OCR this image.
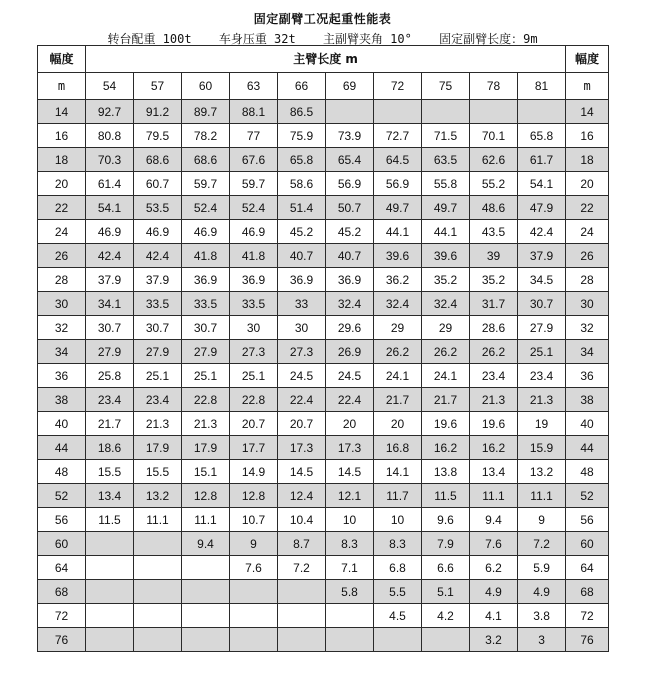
固定副臂工况起重性能表
转台配重 100t 车身压重 32t 主副臂夹角 10° 固定副臂长度：9m
幅度	主臂长度 m										幅度
m	54	57	60	63	66	69	72	75	78	81	m
14	92.7	91.2	89.7	88.1	86.5						14
16	80.8	79.5	78.2	77	75.9	73.9	72.7	71.5	70.1	65.8	16
18	70.3	68.6	68.6	67.6	65.8	65.4	64.5	63.5	62.6	61.7	18
20	61.4	60.7	59.7	59.7	58.6	56.9	56.9	55.8	55.2	54.1	20
22	54.1	53.5	52.4	52.4	51.4	50.7	49.7	49.7	48.6	47.9	22
24	46.9	46.9	46.9	46.9	45.2	45.2	44.1	44.1	43.5	42.4	24
26	42.4	42.4	41.8	41.8	40.7	40.7	39.6	39.6	39	37.9	26
28	37.9	37.9	36.9	36.9	36.9	36.9	36.2	35.2	35.2	34.5	28
30	34.1	33.5	33.5	33.5	33	32.4	32.4	32.4	31.7	30.7	30
32	30.7	30.7	30.7	30	30	29.6	29	29	28.6	27.9	32
34	27.9	27.9	27.9	27.3	27.3	26.9	26.2	26.2	26.2	25.1	34
36	25.8	25.1	25.1	25.1	24.5	24.5	24.1	24.1	23.4	23.4	36
38	23.4	23.4	22.8	22.8	22.4	22.4	21.7	21.7	21.3	21.3	38
40	21.7	21.3	21.3	20.7	20.7	20	20	19.6	19.6	19	40
44	18.6	17.9	17.9	17.7	17.3	17.3	16.8	16.2	16.2	15.9	44
48	15.5	15.5	15.1	14.9	14.5	14.5	14.1	13.8	13.4	13.2	48
52	13.4	13.2	12.8	12.8	12.4	12.1	11.7	11.5	11.1	11.1	52
56	11.5	11.1	11.1	10.7	10.4	10	10	9.6	9.4	9	56
60			9.4	9	8.7	8.3	8.3	7.9	7.6	7.2	60
64				7.6	7.2	7.1	6.8	6.6	6.2	5.9	64
68						5.8	5.5	5.1	4.9	4.9	68
72							4.5	4.2	4.1	3.8	72
76									3.2	3	76
